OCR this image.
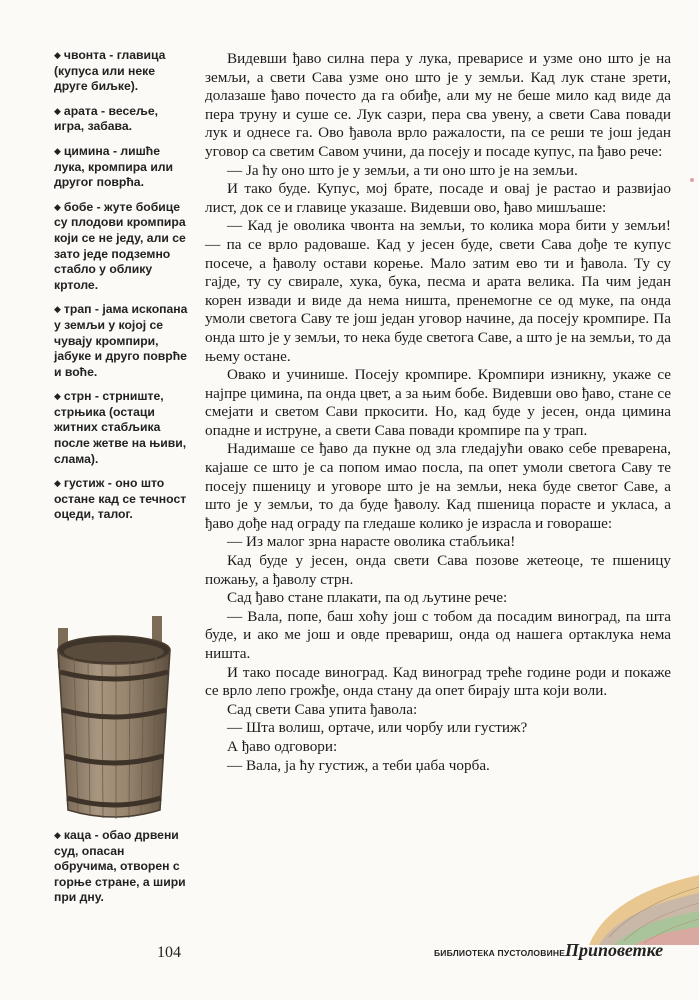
◆ чвонта - главица (купуса или неке друге биљке).
◆ арата - весеље, игра, забава.
◆ цимина - лишће лука, кромпира или другог поврћа.
◆ бобе - жуте бобице су плодови кромпира који се не једу, али се зато једе подземно стабло у облику кртоле.
◆ трап - јама ископана у земљи у којој се чувају кромпири, јабуке и друго поврће и воће.
◆ стрн - стрниште, стрњика (остаци житних стабљика после жетве на њиви, слама).
◆ густиж - оно што остане кад се течност оцеди, талог.
◆ каца - обао дрвени суд, опасан обручима, отворен с горње стране, а шири при дну.

Видевши ђаво силна пера у лука, преварисе и узме оно што је на земљи, а свети Сава узме оно што је у земљи. Кад лук стане зрети, долазаше ђаво почесто да га обиђе, али му не беше мило кад виде да пера труну и суше се. Лук сазри, пера сва увену, а свети Сава повади лук и однесе га. Ово ђавола врло ражалости, па се реши те још један уговор са светим Савом учини, да посеју и посаде купус, па ђаво рече:

— Ја ћу оно што је у земљи, а ти оно што је на земљи.

И тако буде. Купус, мој брате, посаде и овај је растао и развијао лист, док се и главице указаше. Видевши ово, ђаво мишљаше:

— Кад је оволика чвонта на земљи, то колика мора бити у земљи! — па се врло радоваше. Кад у јесен буде, свети Сава дође те купус посече, а ђаволу остави корење. Мало затим ево ти и ђавола. Ту су гајде, ту су свирале, хука, бука, песма и арата велика. Па чим један корен извади и виде да нема ништа, пренемогне се од муке, па онда умоли светога Саву те још један уговор начине, да посеју кромпире. Па онда што је у земљи, то нека буде светога Саве, а што је на земљи, то да њему остане.

Овако и учинише. Посеју кромпире. Кромпири изникну, укаже се најпре цимина, па онда цвет, а за њим бобе. Видевши ово ђаво, стане се смејати и светом Сави пркосити. Но, кад буде у јесен, онда цимина опадне и иструне, а свети Сава повади кромпире па у трап.

Надимаше се ђаво да пукне од зла гледајући овако себе преварена, кајаше се што је са попом имао посла, па опет умоли светога Саву те посеју пшеницу и уговоре што је на земљи, нека буде светог Саве, а што је у земљи, то да буде ђаволу. Кад пшеница порасте и укласа, а ђаво дође над ограду па гледаше колико је израсла и говораше:

— Из малог зрна нарасте оволика стабљика!

Кад буде у јесен, онда свети Сава позове жетеоце, те пшеницу пожању, а ђаволу стрн.

Сад ђаво стане плакати, па од љутине рече:

— Вала, попе, баш хоћу још с тобом да посадим виноград, па шта буде, и ако ме још и овде превариш, онда од нашега ортаклука нема ништа.

И тако посаде виноград. Кад виноград треће године роди и покаже се врло лепо грожђе, онда стану да опет бирају шта који воли.

Сад свети Сава упита ђавола:

— Шта волиш, ортаче, или чорбу или густиж?

А ђаво одговори:

— Вала, ја ћу густиж, а теби џаба чорба.

104	БИБЛИОТЕКА ПУСТОЛОВИНЕ Приповетке
